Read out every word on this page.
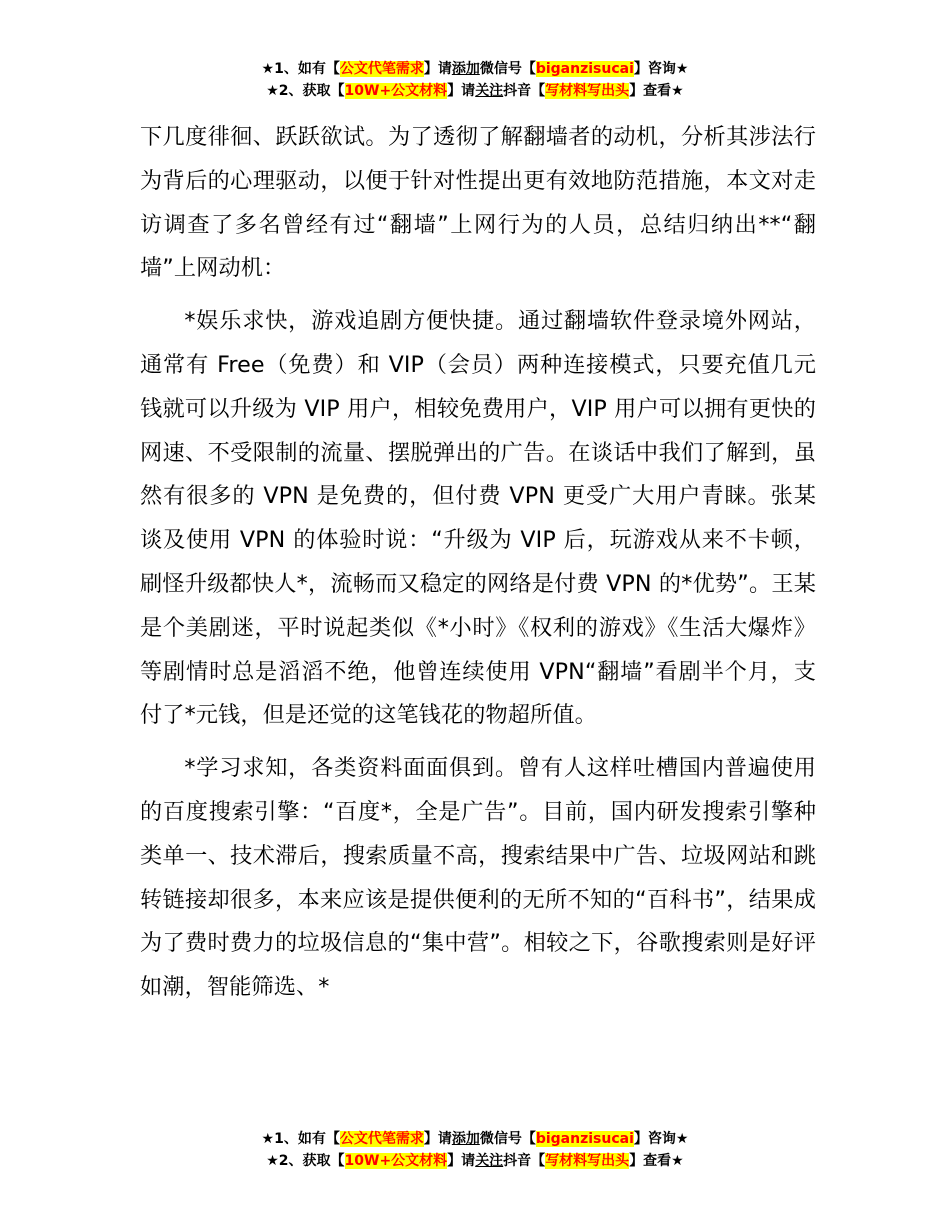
★1、如有【公文代笔需求】请添加微信号【biganzisucai】咨询★
★2、获取【10W+公文材料】请关注抖音【写材料写出头】查看★

下几度徘徊、跃跃欲试。为了透彻了解翻墙者的动机，分析其涉法行为背后的心理驱动，以便于针对性提出更有效地防范措施，本文对走访调查了多名曾经有过“翻墙”上网行为的人员，总结归纳出**“翻墙”上网动机：

*娱乐求快，游戏追剧方便快捷。通过翻墙软件登录境外网站，通常有 Free（免费）和 VIP（会员）两种连接模式，只要充值几元钱就可以升级为 VIP 用户，相较免费用户，VIP 用户可以拥有更快的网速、不受限制的流量、摆脱弹出的广告。在谈话中我们了解到，虽然有很多的 VPN 是免费的，但付费 VPN 更受广大用户青睐。张某谈及使用 VPN 的体验时说：“升级为 VIP 后，玩游戏从来不卡顿，刷怪升级都快人*，流畅而又稳定的网络是付费 VPN 的*优势”。王某是个美剧迷，平时说起类似《*小时》《权利的游戏》《生活大爆炸》等剧情时总是滔滔不绝，他曾连续使用 VPN“翻墙”看剧半个月，支付了*元钱，但是还觉的这笔钱花的物超所值。

*学习求知，各类资料面面俱到。曾有人这样吐槽国内普遍使用的百度搜索引擎：“百度*，全是广告”。目前，国内研发搜索引擎种类单一、技术滞后，搜索质量不高，搜索结果中广告、垃圾网站和跳转链接却很多，本来应该是提供便利的无所不知的“百科书”，结果成为了费时费力的垃圾信息的“集中营”。相较之下，谷歌搜索则是好评如潮，智能筛选、*

★1、如有【公文代笔需求】请添加微信号【biganzisucai】咨询★
★2、获取【10W+公文材料】请关注抖音【写材料写出头】查看★
